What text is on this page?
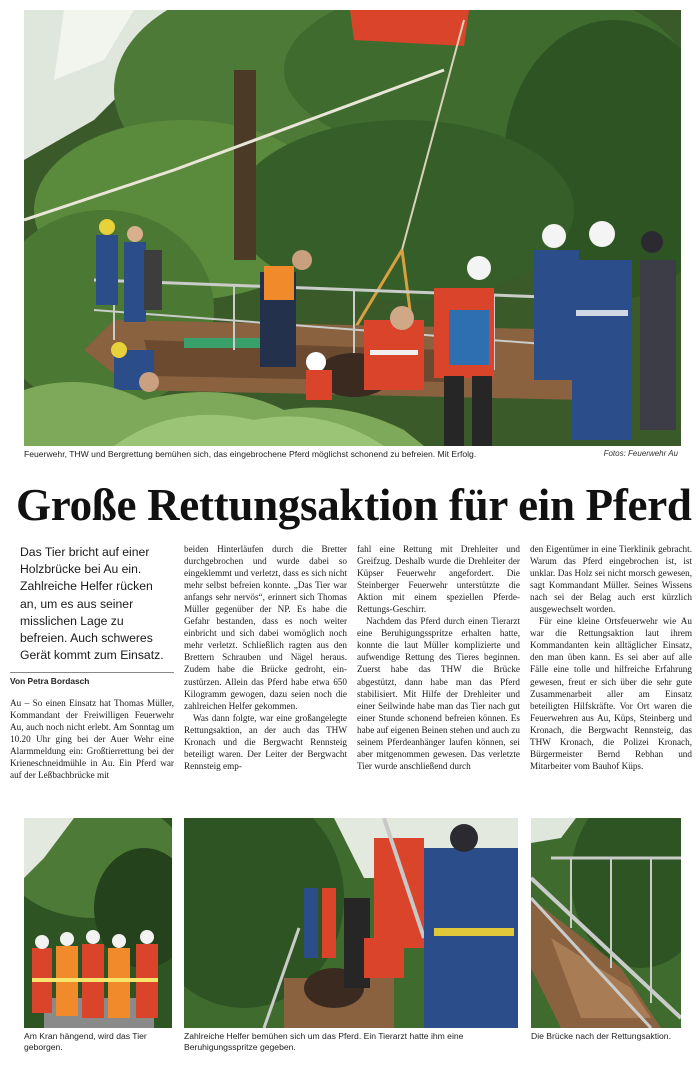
Feuerwehr, THW und Bergrettung bemühen sich, das eingebrochene Pferd möglichst schonend zu befreien. Mit Erfolg.	Fotos: Feuerwehr Au
Große Rettungsaktion für ein Pferd
Das Tier bricht auf einer Holzbrücke bei Au ein. Zahlreiche Helfer rücken an, um es aus seiner misslichen Lage zu befreien. Auch schweres Gerät kommt zum Einsatz.
Von Petra Bordasch

Au – So einen Einsatz hat Thomas Müller, Kommandant der Freiwilligen Feuerwehr Au, auch noch nicht erlebt. Am Sonntag um 10.20 Uhr ging bei der Auer Wehr eine Alarmmeldung ein: Großtierrettung bei der Krieneschneidmühle in Au. Ein Pferd war auf der Leßbachbrücke mit

beiden Hinterläufen durch die Bretter durchgebrochen und wurde dabei so eingeklemmt und verletzt, dass es sich nicht mehr selbst befreien konnte. „Das Tier war anfangs sehr nervös“, erinnert sich Thomas Müller gegenüber der NP. Es habe die Gefahr bestanden, dass es noch weiter einbricht und sich dabei womöglich noch mehr verletzt. Schließlich ragten aus den Brettern Schrauben und Nägel heraus. Zudem habe die Brücke gedroht, einzustürzen. Allein das Pferd habe etwa 650 Kilogramm gewogen, dazu seien noch die zahlreichen Helfer gekommen.

Was dann folgte, war eine großangelegte Rettungsaktion, an der auch das THW Kronach und die Bergwacht Rennsteig beteiligt waren. Der Leiter der Bergwacht Rennsteig emp-

fahl eine Rettung mit Drehleiter und Greifzug. Deshalb wurde die Drehleiter der Küpser Feuerwehr angefordert. Die Steinberger Feuerwehr unterstützte die Aktion mit einem speziellen Pferde-Rettungs-Geschirr.

Nachdem das Pferd durch einen Tierarzt eine Beruhigungsspritze erhalten hatte, konnte die laut Müller komplizierte und aufwendige Rettung des Tieres beginnen. Zuerst habe das THW die Brücke abgestützt, dann habe man das Pferd stabilisiert. Mit Hilfe der Drehleiter und einer Seilwinde habe man das Tier nach gut einer Stunde schonend befreien können. Es habe auf eigenen Beinen stehen und auch zu seinem Pferdeanhänger laufen können, sei aber mitgenommen gewesen. Das verletzte Tier wurde anschließend durch

den Eigentümer in eine Tierklinik gebracht. Warum das Pferd eingebrochen ist, ist unklar. Das Holz sei nicht morsch gewesen, sagt Kommandant Müller. Seines Wissens nach sei der Belag auch erst kürzlich ausgewechselt worden.

Für eine kleine Ortsfeuerwehr wie Au war die Rettungsaktion laut ihrem Kommandanten kein alltäglicher Einsatz, den man üben kann. Es sei aber auf alle Fälle eine tolle und hilfreiche Erfahrung gewesen, freut er sich über die sehr gute Zusammenarbeit aller am Einsatz beteiligten Hilfskräfte. Vor Ort waren die Feuerwehren aus Au, Küps, Steinberg und Kronach, die Bergwacht Rennsteig, das THW Kronach, die Polizei Kronach, Bürgermeister Bernd Rebhan und Mitarbeiter vom Bauhof Küps.

Am Kran hängend, wird das Tier geborgen.
Zahlreiche Helfer bemühen sich um das Pferd. Ein Tierarzt hatte ihm eine Beruhigungsspritze gegeben.
Die Brücke nach der Rettungsaktion.
